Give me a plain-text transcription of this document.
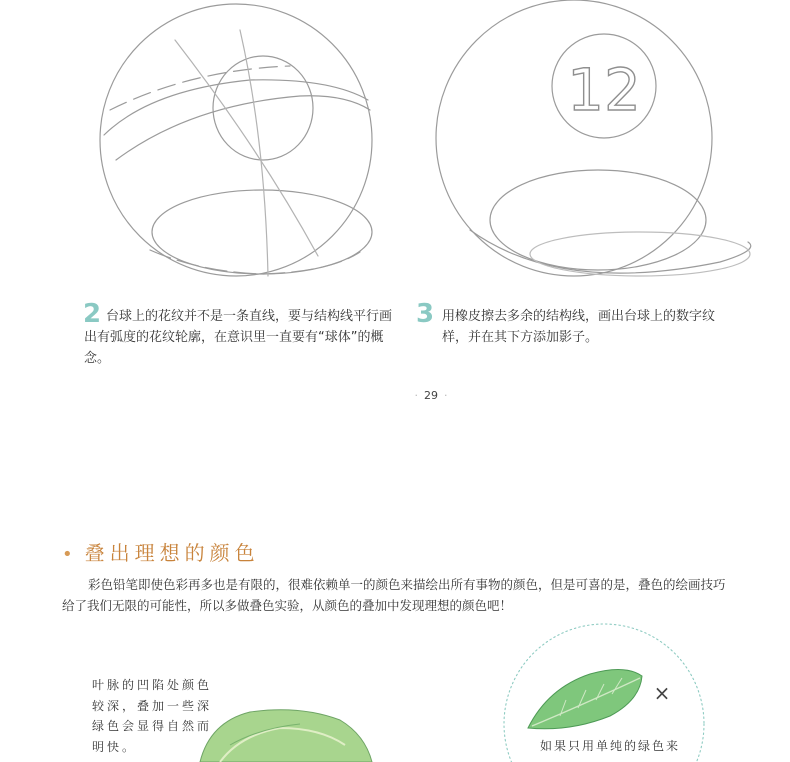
12
×
2 台球上的花纹并不是一条直线，要与结构线平行画出有弧度的花纹轮廓，在意识里一直要有“球体”的概念。
3 用橡皮擦去多余的结构线，画出台球上的数字纹样，并在其下方添加影子。
· 29 ·
• 叠出理想的颜色
彩色铅笔即使色彩再多也是有限的，很难依赖单一的颜色来描绘出所有事物的颜色，但是可喜的是，叠色的绘画技巧
给了我们无限的可能性，所以多做叠色实验，从颜色的叠加中发现理想的颜色吧！
叶脉的凹陷处颜色较深，叠加一些深绿色会显得自然而明快。	如果只用单纯的绿色来
